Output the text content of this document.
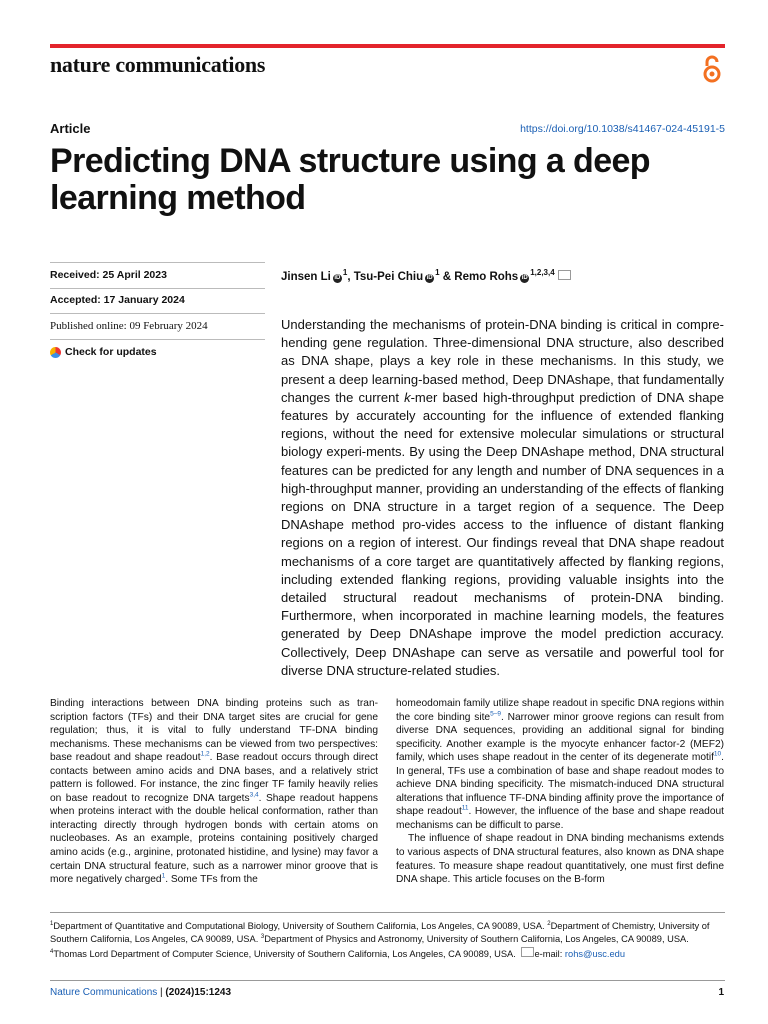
nature communications
Article	https://doi.org/10.1038/s41467-024-45191-5
Predicting DNA structure using a deep learning method
Received: 25 April 2023
Accepted: 17 January 2024
Published online: 09 February 2024
Check for updates
Jinsen Li $iD^1$, Tsu-Pei Chiu $iD^1$ & Remo Rohs iD$^{1,2,3,4}$

Understanding the mechanisms of protein-DNA binding is critical in compre-hending gene regulation. Three-dimensional DNA structure, also described as DNA shape, plays a key role in these mechanisms. In this study, we present a deep learning-based method, Deep DNAshape, that fundamentally changes the current k-mer based high-throughput prediction of DNA shape features by accurately accounting for the influence of extended flanking regions, without the need for extensive molecular simulations or structural biology experi-ments. By using the Deep DNAshape method, DNA structural features can be predicted for any length and number of DNA sequences in a high-throughput manner, providing an understanding of the effects of flanking regions on DNA structure in a target region of a sequence. The Deep DNAshape method pro-vides access to the influence of distant flanking regions on a region of interest. Our findings reveal that DNA shape readout mechanisms of a core target are quantitatively affected by flanking regions, including extended flanking regions, providing valuable insights into the detailed structural readout mechanisms of protein-DNA binding. Furthermore, when incorporated in machine learning models, the features generated by Deep DNAshape improve the model prediction accuracy. Collectively, Deep DNAshape can serve as versatile and powerful tool for diverse DNA structure-related studies.

Binding interactions between DNA binding proteins such as tran-scription factors (TFs) and their DNA target sites are crucial for gene regulation; thus, it is vital to fully understand TF-DNA binding mechanisms. These mechanisms can be viewed from two perspectives: base readout and shape readout$^{1,2}$. Base readout occurs through direct contacts between amino acids and DNA bases, and a relatively strict pattern is followed. For instance, the zinc finger TF family heavily relies on base readout to recognize DNA targets$^{3,4}$. Shape readout happens when proteins interact with the double helical conformation, rather than interacting directly through hydrogen bonds with certain atoms on nucleobases. As an example, proteins containing positively charged amino acids (e.g., arginine, protonated histidine, and lysine) may favor a certain DNA structural feature, such as a narrower minor groove that is more negatively charged$^1$. Some TFs from the

homeodomain family utilize shape readout in specific DNA regions within the core binding site$^{5-9}$. Narrower minor groove regions can result from diverse DNA sequences, providing an additional signal for binding specificity. Another example is the myocyte enhancer factor-2 (MEF2) family, which uses shape readout in the center of its degenerate motif$^{10}$. In general, TFs use a combination of base and shape readout modes to achieve DNA binding specificity. The mismatch-induced DNA structural alterations that influence TF-DNA binding affinity prove the importance of shape readout$^{11}$. However, the influence of the base and shape readout mechanisms can be difficult to parse.

The influence of shape readout in DNA binding mechanisms extends to various aspects of DNA structural features, also known as DNA shape features. To measure shape readout quantitatively, one must first define DNA shape. This article focuses on the B-form

$^1$Department of Quantitative and Computational Biology, University of Southern California, Los Angeles, CA 90089, USA. $^2$Department of Chemistry, University of Southern California, Los Angeles, CA 90089, USA. $^3$Department of Physics and Astronomy, University of Southern California, Los Angeles, CA 90089, USA. $^4$Thomas Lord Department of Computer Science, University of Southern California, Los Angeles, CA 90089, USA. e-mail: rohs@usc.edu

Nature Communications | (2024)15:1243	1
